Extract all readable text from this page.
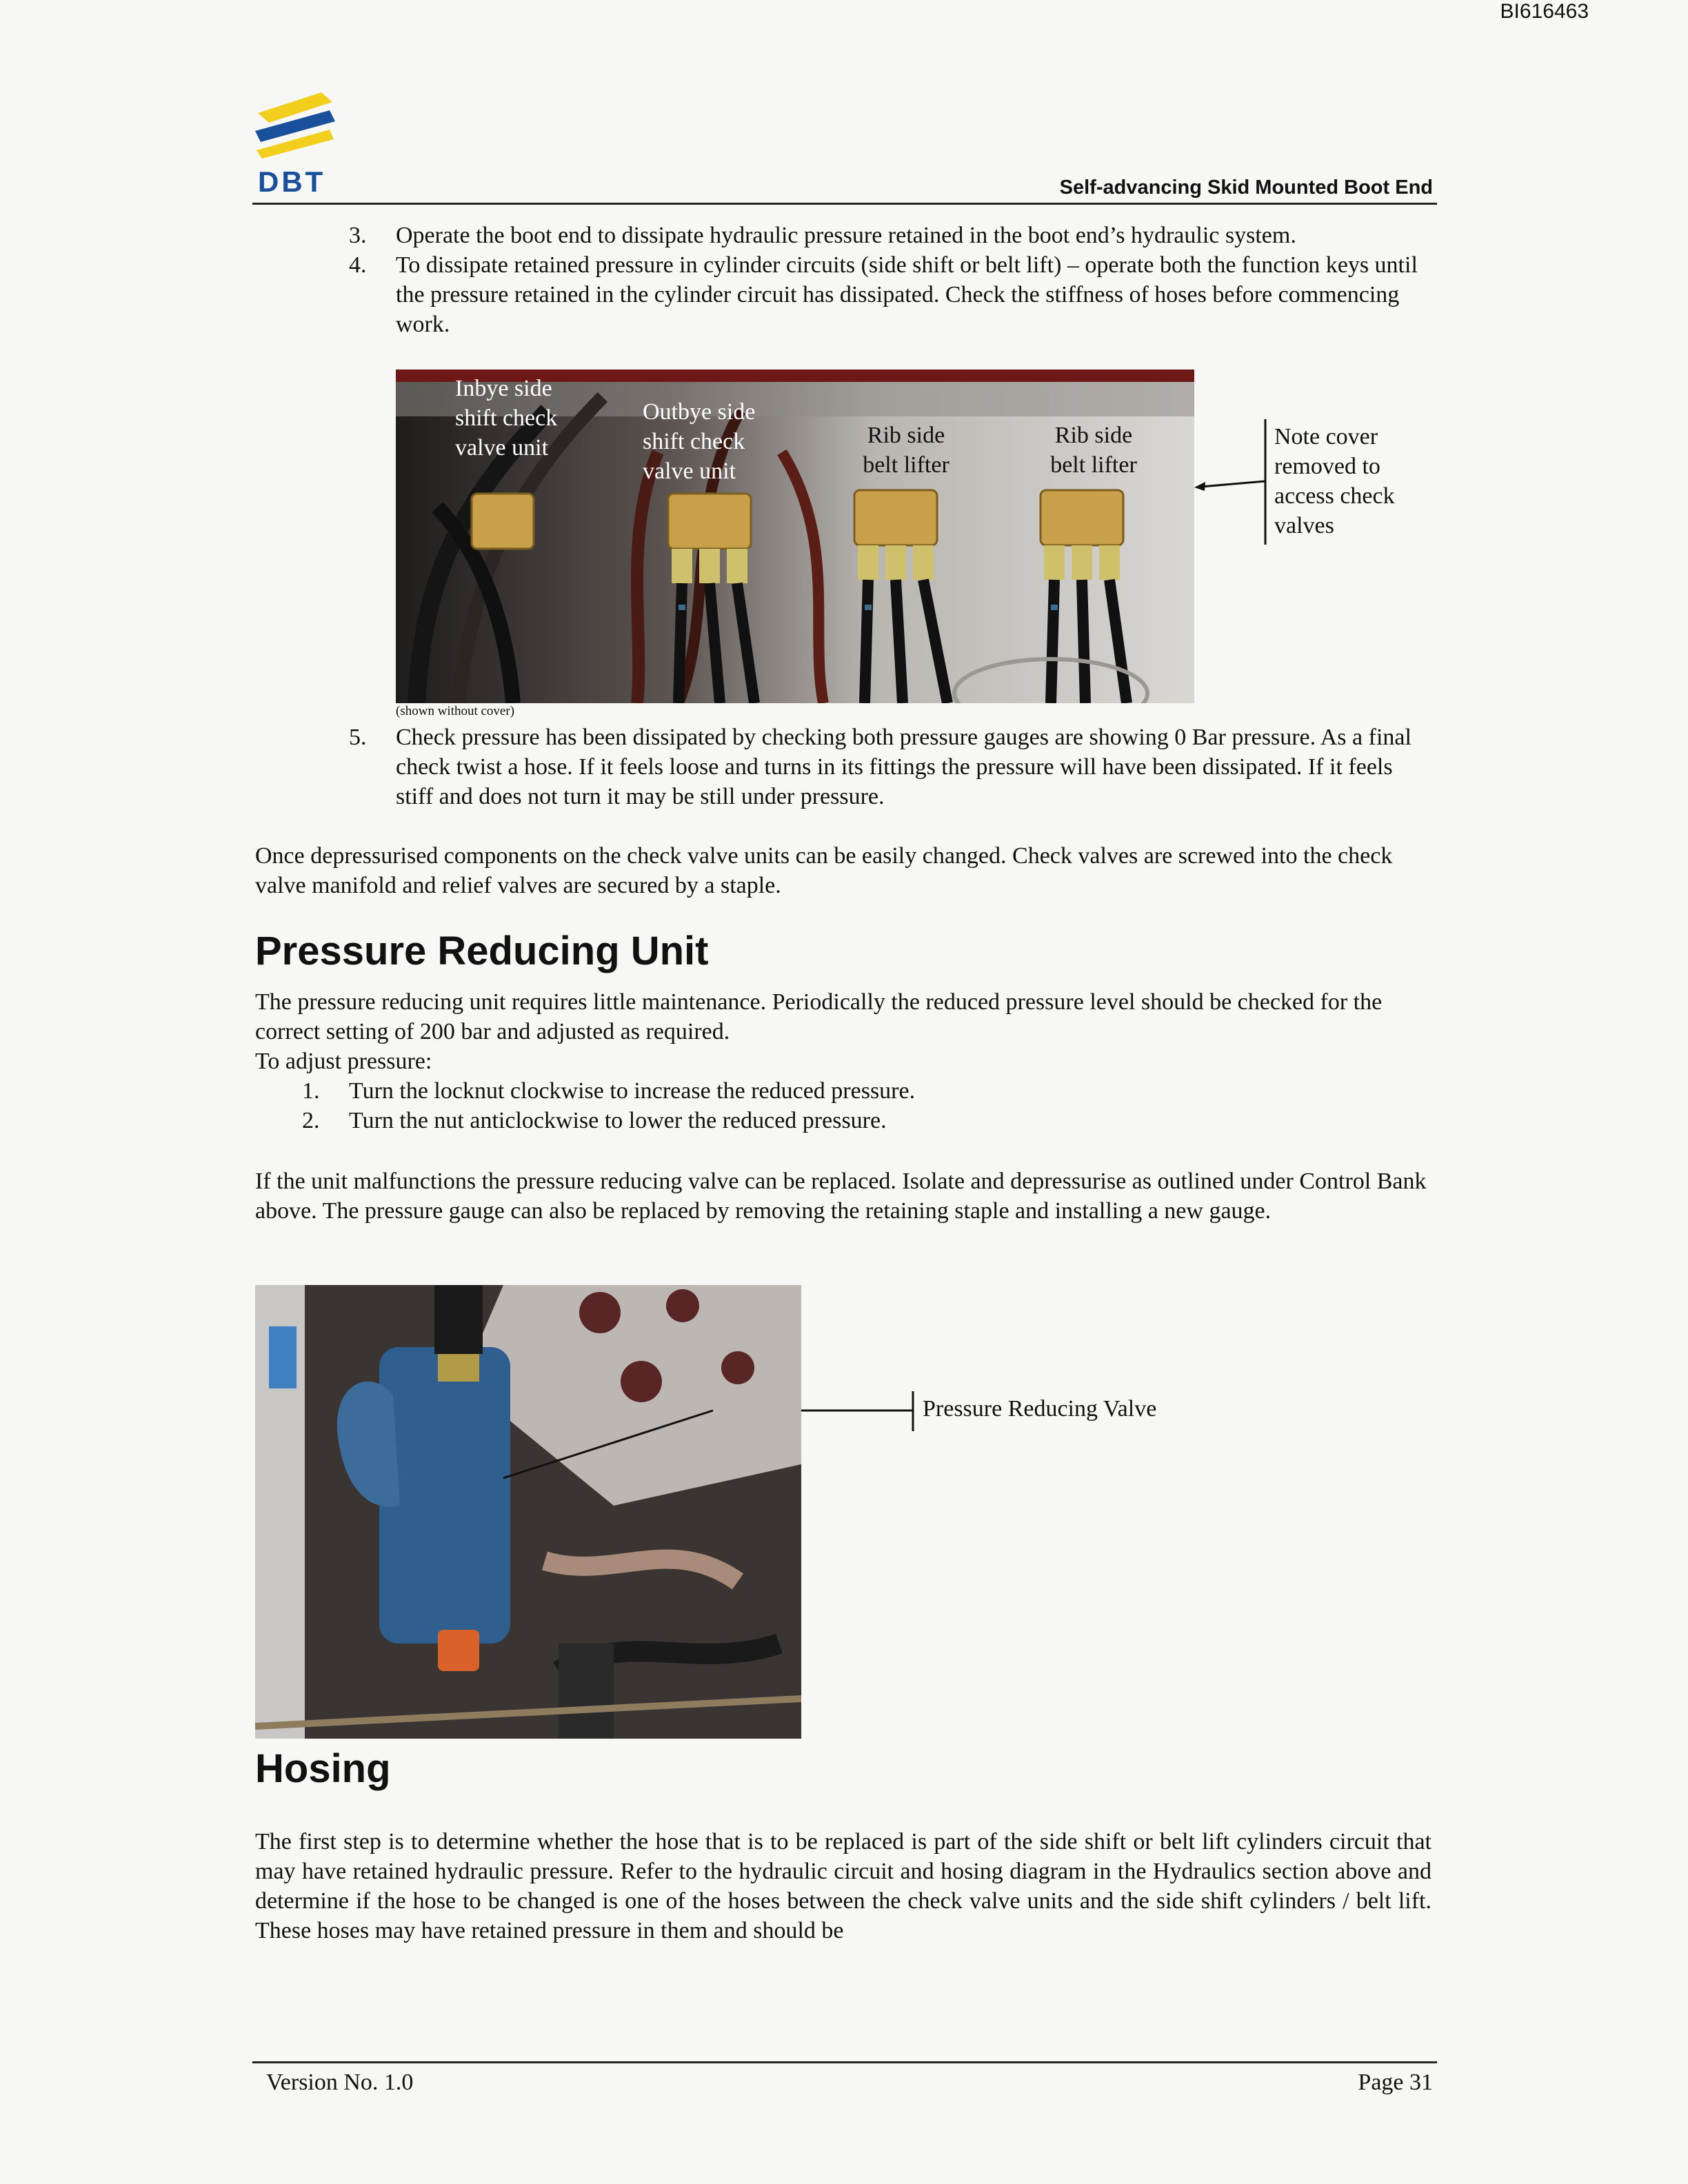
BI616463
DBT	Self-advancing Skid Mounted Boot End
3.	Operate the boot end to dissipate hydraulic pressure retained in the boot end’s hydraulic system.
4.	To dissipate retained pressure in cylinder circuits (side shift or belt lift) – operate both the function keys until the pressure retained in the cylinder circuit has dissipated. Check the stiffness of hoses before commencing work.
Inbye side shift check valve unit
Outbye side shift check valve unit
Rib side belt lifter
Rib side belt lifter
Note cover removed to access check valves
(shown without cover)
5.	Check pressure has been dissipated by checking both pressure gauges are showing 0 Bar pressure. As a final check twist a hose. If it feels loose and turns in its fittings the pressure will have been dissipated. If it feels stiff and does not turn it may be still under pressure.
Once depressurised components on the check valve units can be easily changed. Check valves are screwed into the check valve manifold and relief valves are secured by a staple.
Pressure Reducing Unit
The pressure reducing unit requires little maintenance. Periodically the reduced pressure level should be checked for the correct setting of 200 bar and adjusted as required.
To adjust pressure:
1.	Turn the locknut clockwise to increase the reduced pressure.
2.	Turn the nut anticlockwise to lower the reduced pressure.
If the unit malfunctions the pressure reducing valve can be replaced. Isolate and depressurise as outlined under Control Bank above. The pressure gauge can also be replaced by removing the retaining staple and installing a new gauge.
Pressure Reducing Valve
Hosing
The first step is to determine whether the hose that is to be replaced is part of the side shift or belt lift cylinders circuit that may have retained hydraulic pressure. Refer to the hydraulic circuit and hosing diagram in the Hydraulics section above and determine if the hose to be changed is one of the hoses between the check valve units and the side shift cylinders / belt lift. These hoses may have retained pressure in them and should be
Version No. 1.0	Page 31
